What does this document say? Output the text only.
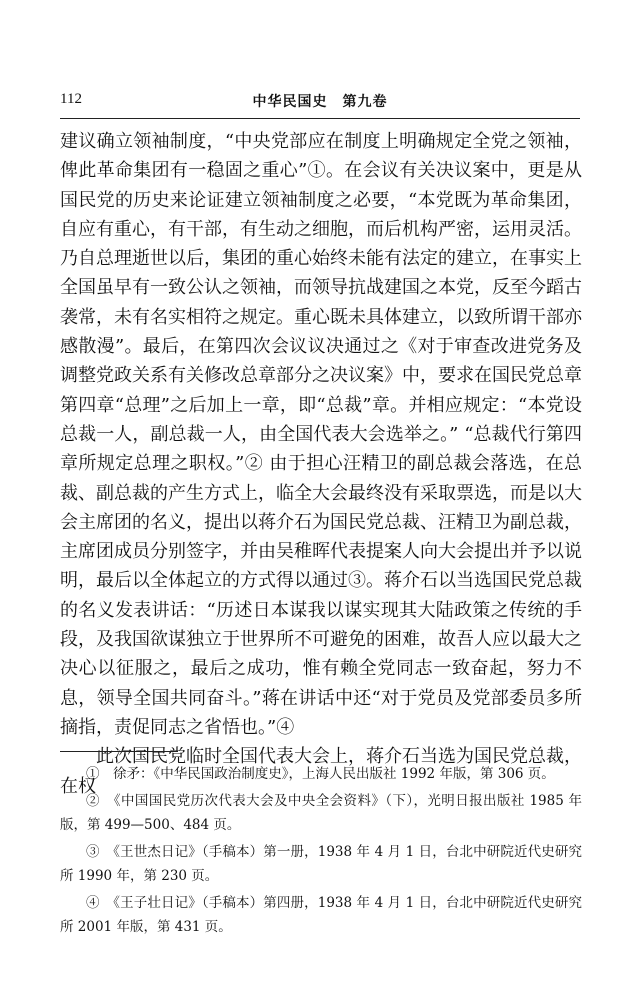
112	中华民国史　第九卷

建议确立领袖制度，“中央党部应在制度上明确规定全党之领袖，俾此革命集团有一稳固之重心”①。在会议有关决议案中，更是从国民党的历史来论证建立领袖制度之必要，“本党既为革命集团，自应有重心，有干部，有生动之细胞，而后机构严密，运用灵活。乃自总理逝世以后，集团的重心始终未能有法定的建立，在事实上全国虽早有一致公认之领袖，而领导抗战建国之本党，反至今蹈古袭常，未有名实相符之规定。重心既未具体建立，以致所谓干部亦感散漫”。最后，在第四次会议议决通过之《对于审查改进党务及调整党政关系有关修改总章部分之决议案》中，要求在国民党总章第四章“总理”之后加上一章，即“总裁”章。并相应规定：“本党设总裁一人，副总裁一人，由全国代表大会选举之。” “总裁代行第四章所规定总理之职权。”② 由于担心汪精卫的副总裁会落选，在总裁、副总裁的产生方式上，临全大会最终没有采取票选，而是以大会主席团的名义，提出以蒋介石为国民党总裁、汪精卫为副总裁，主席团成员分别签字，并由吴稚晖代表提案人向大会提出并予以说明，最后以全体起立的方式得以通过③。蒋介石以当选国民党总裁的名义发表讲话：“历述日本谋我以谋实现其大陆政策之传统的手段，及我国欲谋独立于世界所不可避免的困难，故吾人应以最大之决心以征服之，最后之成功，惟有赖全党同志一致奋起，努力不息，领导全国共同奋斗。”蒋在讲话中还“对于党员及党部委员多所摘指，责促同志之省悟也。”④

此次国民党临时全国代表大会上，蒋介石当选为国民党总裁，在权

①　 徐矛：《中华民国政治制度史》，上海人民出版社 1992 年版，第 306 页。

②　 《中国国民党历次代表大会及中央全会资料》（下），光明日报出版社 1985 年版，第 499—500、484 页。

③　 《王世杰日记》（手稿本）第一册，1938 年 4 月 1 日，台北中研院近代史研究所 1990 年，第 230 页。

④　 《王子壮日记》（手稿本）第四册，1938 年 4 月 1 日，台北中研院近代史研究所 2001 年版，第 431 页。
